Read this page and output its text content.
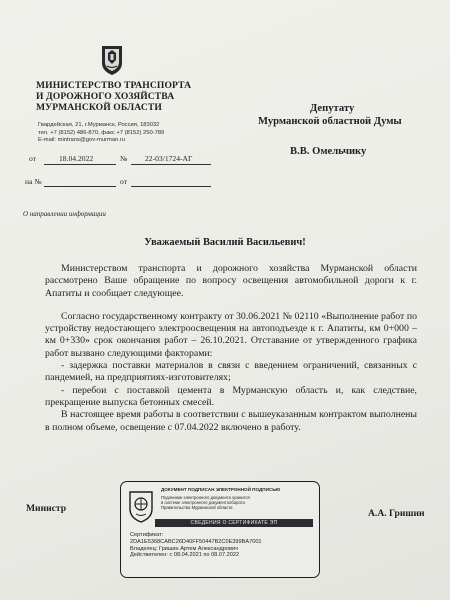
МИНИСТЕРСТВО ТРАНСПОРТА
И ДОРОЖНОГО ХОЗЯЙСТВА
МУРМАНСКОЙ ОБЛАСТИ
Гвардейская, 21, г.Мурманск, Россия, 183032
тел. +7 (8152) 486-870, факс +7 (8152) 250-789
E-mail: mintrans@gov-murman.ru
Депутату
Мурманской областной Думы
В.В. Омельчику
от	18.04.2022	№ 22-03/1724-АГ
на №	от
О направлении информации
Уважаемый Василий Васильевич!

Министерством транспорта и дорожного хозяйства Мурманской области рассмотрено Ваше обращение по вопросу освещения автомобильной дороги к г. Апатиты и сообщает следующее.

Согласно государственному контракту от 30.06.2021 № 02110 «Выполнение работ по устройству недостающего электроосвещения на автоподъезде к г. Апатиты, км 0+000 – км 0+330» срок окончания работ – 26.10.2021. Отставание от утвержденного графика работ вызвано следующими факторами:

- задержка поставки материалов в связи с введением ограничений, связанных с пандемией, на предприятиях-изготовителях;

- перебои с поставкой цемента в Мурманскую область и, как следствие, прекращение выпуска бетонных смесей.

В настоящее время работы в соответствии с вышеуказанным контрактом выполнены в полном объеме, освещение с 07.04.2022 включено в работу.

Министр	А.А. Гришин
ДОКУМЕНТ ПОДПИСАН ЭЛЕКТРОННОЙ ПОДПИСЬЮ
Подлинник электронного документа хранится
в системе электронного документооборота
Правительства Мурманской области
СВЕДЕНИЯ О СЕРТИФИКАТЕ ЭП
Сертификат:
2DA1E5368CABC26D40FF50447B2C0E399BA7001
Владелец: Гришин Артем Александрович
Действителен: с 08.04.2021 по 08.07.2022
